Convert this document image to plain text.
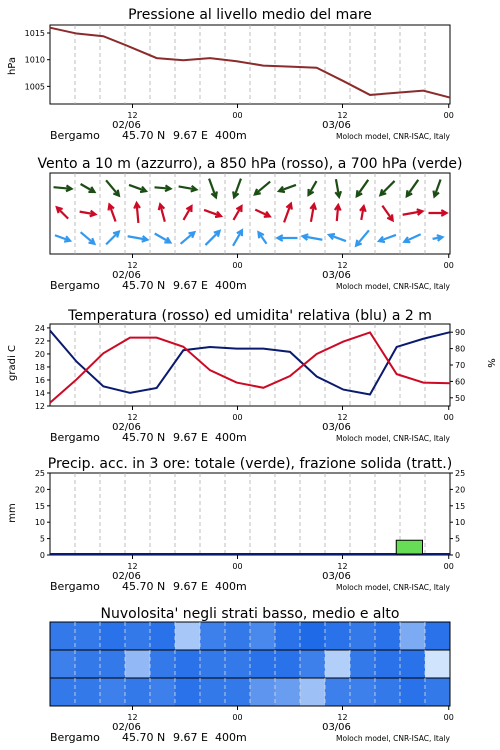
Pressione al livello medio del mare
Vento a 10 m (azzurro), a 850 hPa (rosso), a 700 hPa (verde)
Temperatura (rosso) ed umidita' relativa (blu) a 2 m
Precip. acc. in 3 ore: totale (verde), frazione solida (tratt.)
Nuvolosita' negli strati basso, medio e alto
hPa
gradi C	%
mm
12	00	12	00
02/06	03/06
Bergamo 45.70 N 9.67 E 400m	Moloch model, CNR-ISAC, Italy
1005
1010
1015
12	00	12	00
02/06	03/06
Bergamo 45.70 N 9.67 E 400m	Moloch model, CNR-ISAC, Italy
12	00	12	00
02/06	03/06
Bergamo 45.70 N 9.67 E 400m	Moloch model, CNR-ISAC, Italy
12
14
16
18
20
22
24
50
60
70
80
90
12	00	12	00
02/06	03/06
Bergamo 45.70 N 9.67 E 400m	Moloch model, CNR-ISAC, Italy
0	0
5	5
10	10
15	15
20	20
25	25
12	00	12	00
02/06	03/06
Bergamo 45.70 N 9.67 E 400m	Moloch model, CNR-ISAC, Italy
